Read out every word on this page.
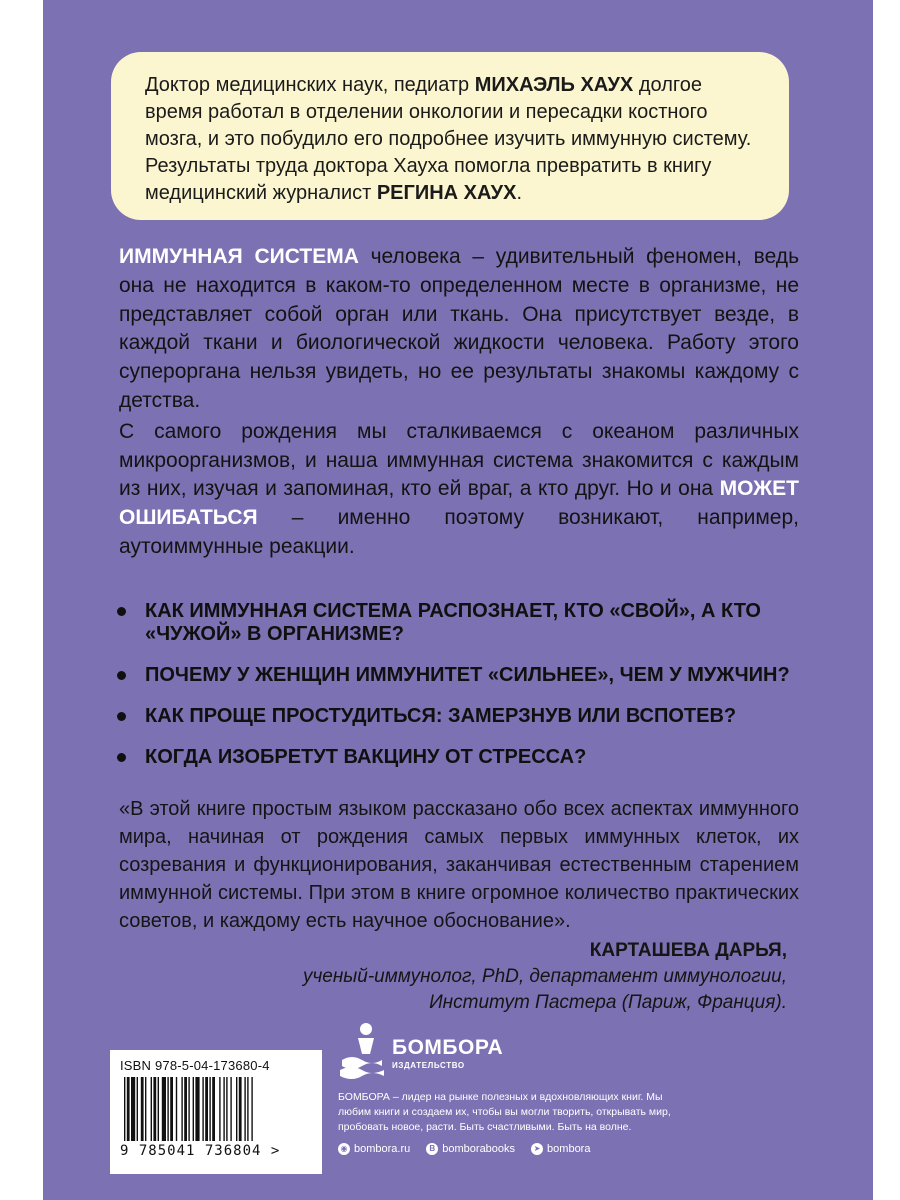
Доктор медицинских наук, педиатр МИХАЭЛЬ ХАУХ долгое время работал в отделении онкологии и пересадки костного мозга, и это побудило его подробнее изучить иммунную систему. Результаты труда доктора Хауха помогла превратить в книгу медицинский журналист РЕГИНА ХАУХ.

ИММУННАЯ СИСТЕМА человека – удивительный феномен, ведь она не находится в каком-то определенном месте в организме, не представляет собой орган или ткань. Она присутствует везде, в каждой ткани и биологической жидкости человека. Работу этого суперорганa нельзя увидеть, но ее результаты знакомы каждому с детства.

С самого рождения мы сталкиваемся с океаном различных микроорганизмов, и наша иммунная система знакомится с каждым из них, изучая и запоминая, кто ей враг, а кто друг. Но и она МОЖЕТ ОШИБАТЬСЯ – именно поэтому возникают, например, аутоиммунные реакции.

КАК ИММУННАЯ СИСТЕМА РАСПОЗНАЕТ, КТО «СВОЙ», А КТО «ЧУЖОЙ» В ОРГАНИЗМЕ?
ПОЧЕМУ У ЖЕНЩИН ИММУНИТЕТ «СИЛЬНЕЕ», ЧЕМ У МУЖЧИН?
КАК ПРОЩЕ ПРОСТУДИТЬСЯ: ЗАМЕРЗНУВ ИЛИ ВСПОТЕВ?
КОГДА ИЗОБРЕТУТ ВАКЦИНУ ОТ СТРЕССА?
«В этой книге простым языком рассказано обо всех аспектах иммунного мира, начиная от рождения самых первых иммунных клеток, их созревания и функционирования, заканчивая естественным старением иммунной системы. При этом в книге огромное количество практических советов, и каждому есть научное обоснование».
КАРТАШЕВА ДАРЬЯ,
ученый-иммунолог, PhD, департамент иммунологии,
Институт Пастера (Париж, Франция).
ISBN 978-5-04-173680-4
9 785041 736804 >
БОМБОРА
ИЗДАТЕЛЬСТВО
БОМБОРА – лидер на рынке полезных и вдохновляющих книг. Мы любим книги и создаем их, чтобы вы могли творить, открывать мир, пробовать новое, расти. Быть счастливыми. Быть на волне.
◉ bombora.ru	В bomborabooks	➤ bombora
